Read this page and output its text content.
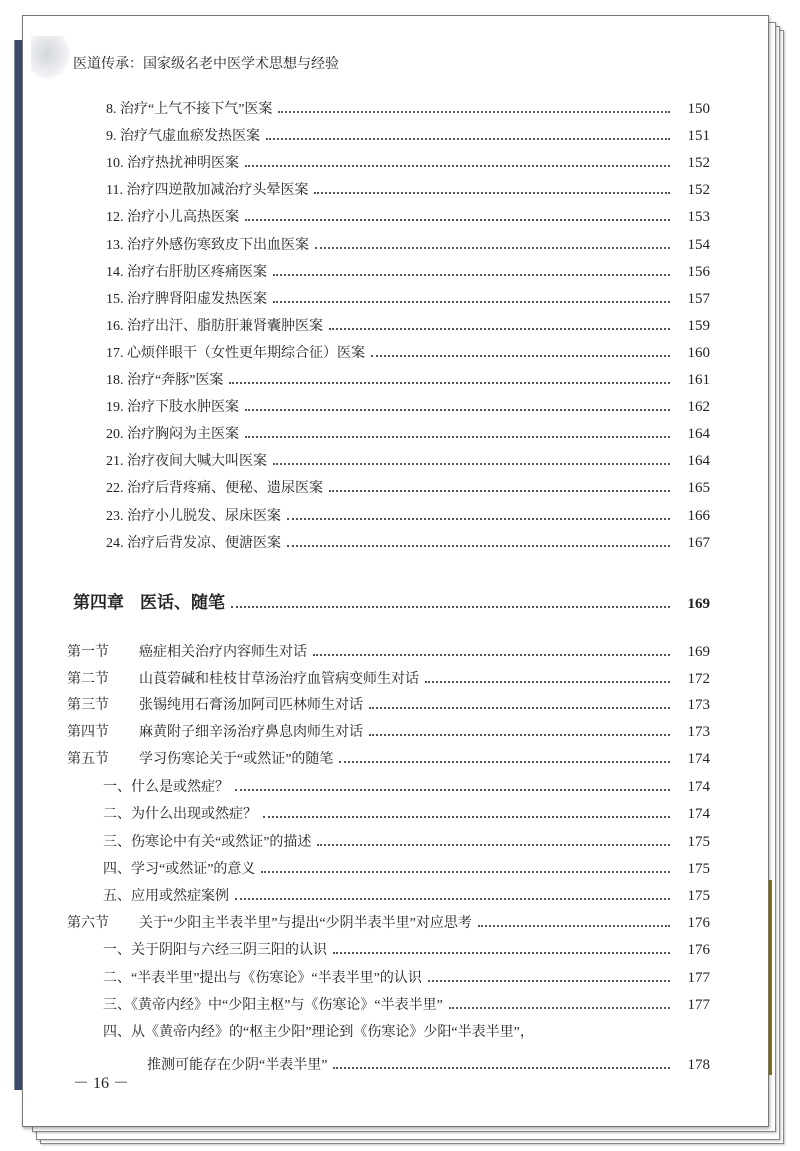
医道传承：国家级名老中医学术思想与经验
8. 治疗“上气不接下气”医案	150
9. 治疗气虚血瘀发热医案	151
10. 治疗热扰神明医案	152
11. 治疗四逆散加减治疗头晕医案	152
12. 治疗小儿高热医案	153
13. 治疗外感伤寒致皮下出血医案	154
14. 治疗右肝肋区疼痛医案	156
15. 治疗脾肾阳虚发热医案	157
16. 治疗出汗、脂肪肝兼肾囊肿医案	159
17. 心烦伴眼干（女性更年期综合征）医案	160
18. 治疗“奔豚”医案	161
19. 治疗下肢水肿医案	162
20. 治疗胸闷为主医案	164
21. 治疗夜间大喊大叫医案	164
22. 治疗后背疼痛、便秘、遗尿医案	165
23. 治疗小儿脱发、尿床医案	166
24. 治疗后背发凉、便溏医案	167
第四章 医话、随笔	169
第一节	癌症相关治疗内容师生对话	169
第二节	山莨菪碱和桂枝甘草汤治疗血管病变师生对话	172
第三节	张锡纯用石膏汤加阿司匹林师生对话	173
第四节	麻黄附子细辛汤治疗鼻息肉师生对话	173
第五节	学习伤寒论关于“或然证”的随笔	174
一、什么是或然症？	174
二、为什么出现或然症？	174
三、伤寒论中有关“或然证”的描述	175
四、学习“或然证”的意义	175
五、应用或然症案例	175
第六节	关于“少阳主半表半里”与提出“少阴半表半里”对应思考	176
一、关于阴阳与六经三阴三阳的认识	176
二、“半表半里”提出与《伤寒论》“半表半里”的认识	177
三、《黄帝内经》中“少阳主枢”与《伤寒论》“半表半里”	177
四、从《黄帝内经》的“枢主少阳”理论到《伤寒论》少阳“半表半里”，
推测可能存在少阴“半表半里”	178
－ 16 －
